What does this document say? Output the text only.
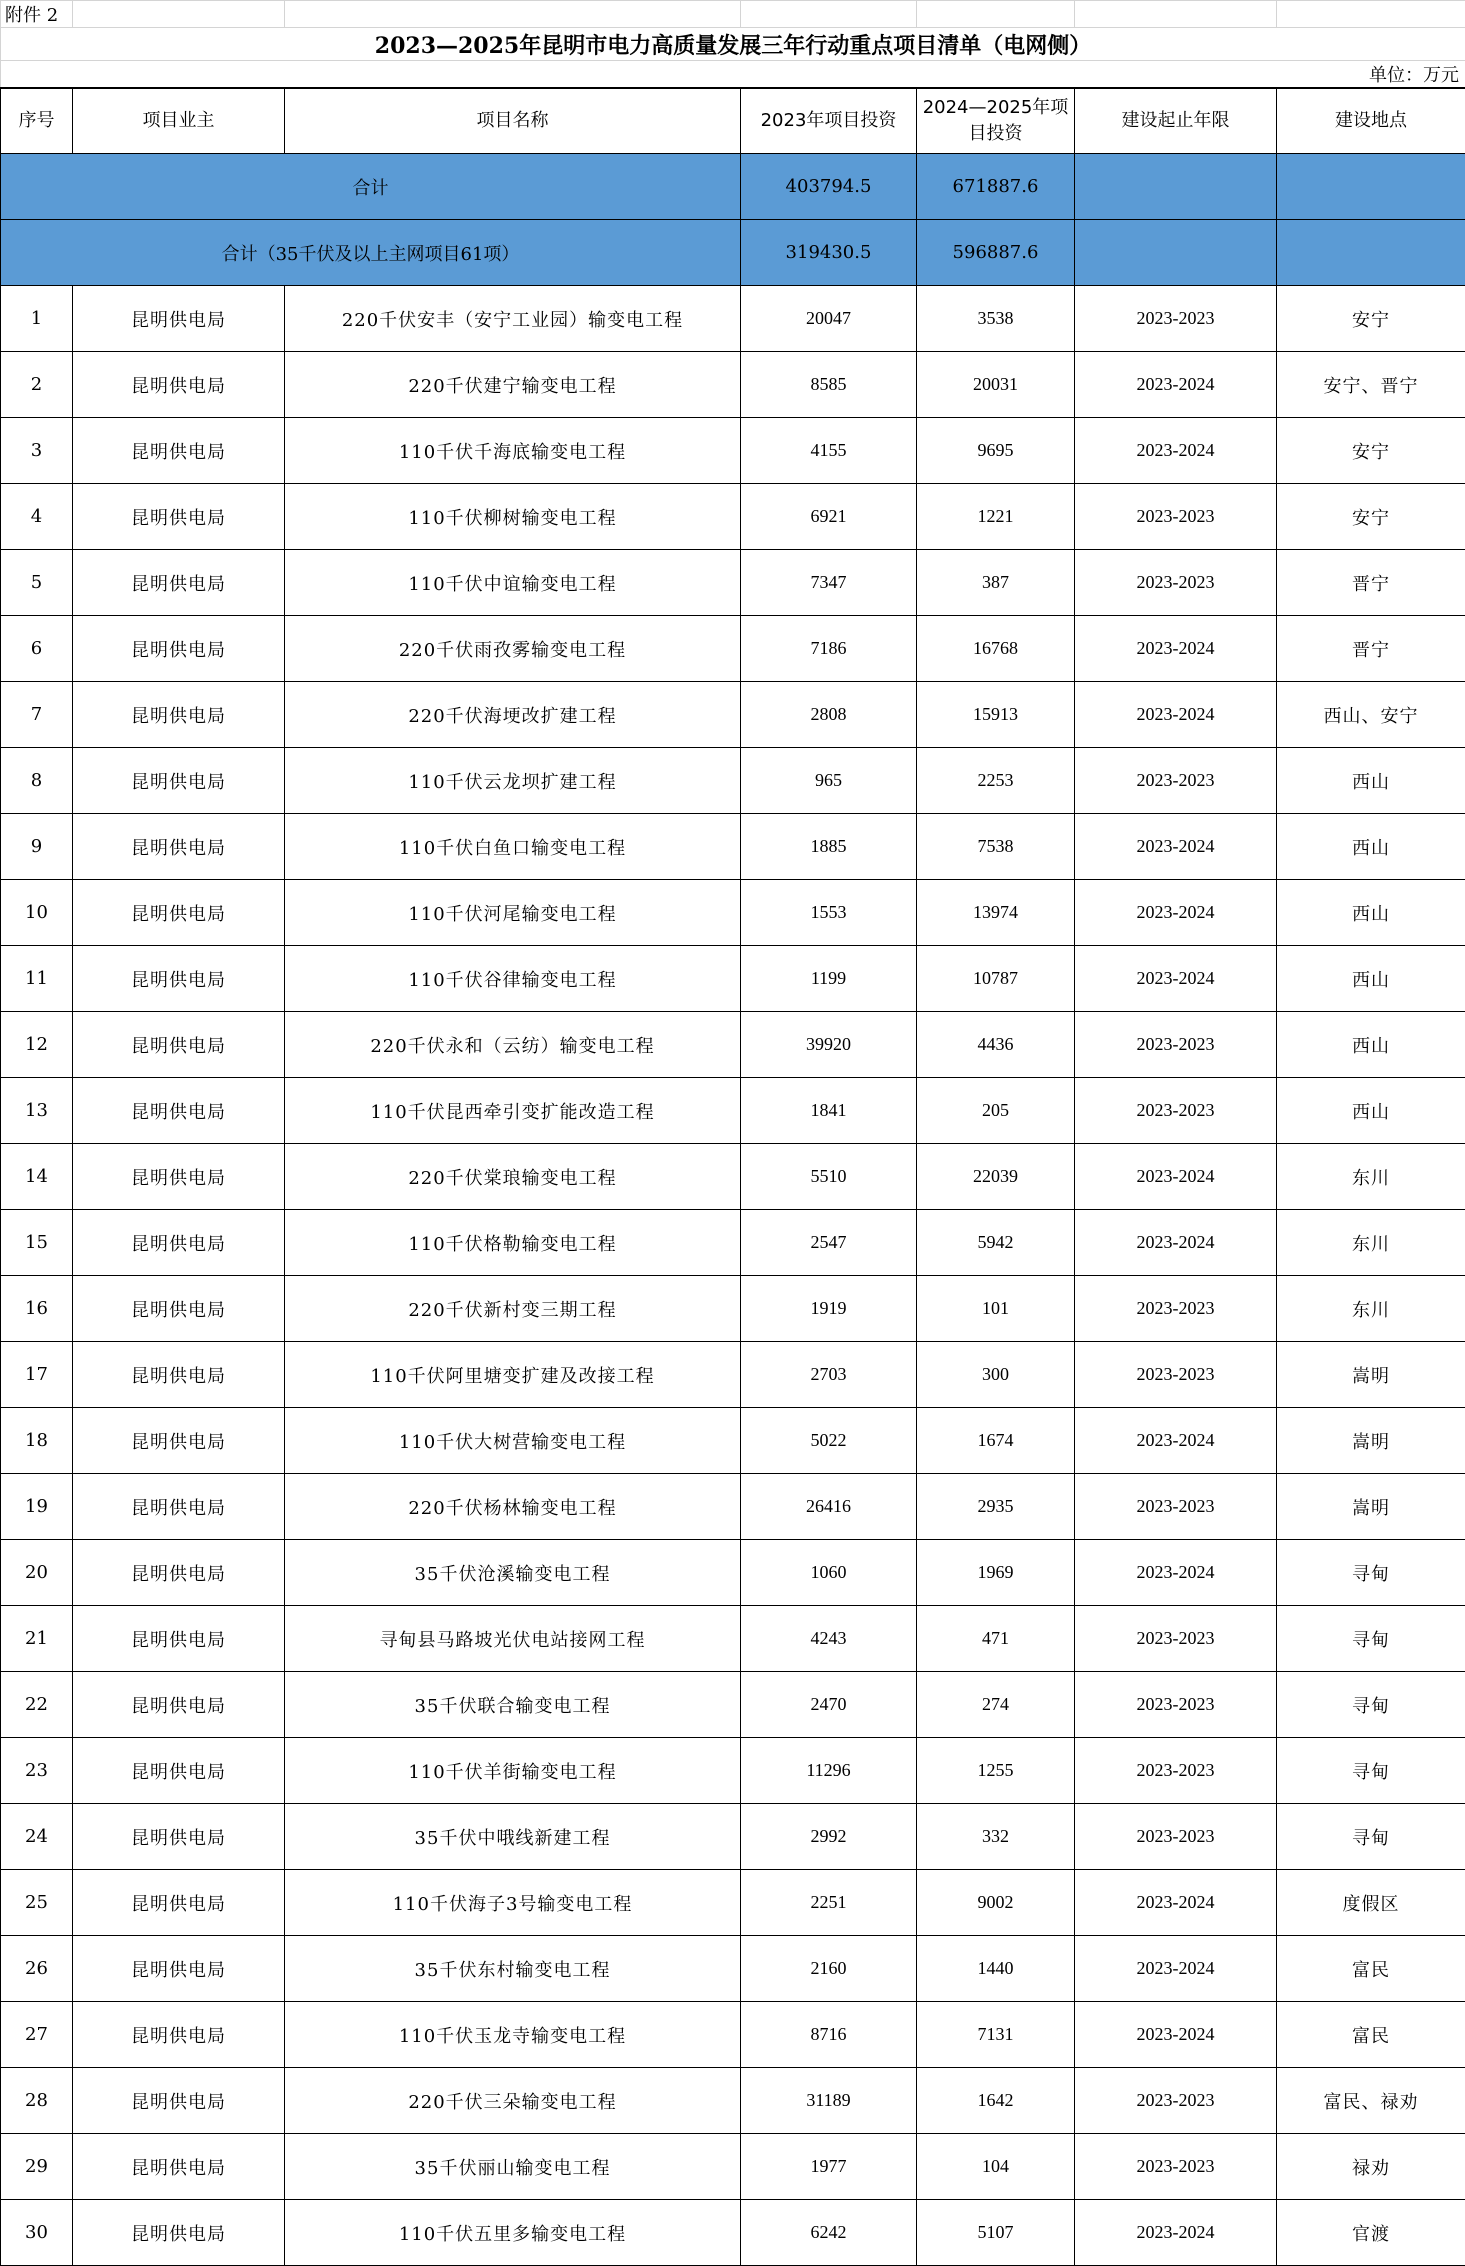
附件 2						
2023—2025年昆明市电力高质量发展三年行动重点项目清单（电网侧）						
单位：万元						
序号	项目业主	项目名称	2023年项目投资	2024—2025年项目投资	建设起止年限	建设地点
合计			403794.5	671887.6		
合计（35千伏及以上主网项目61项）			319430.5	596887.6		
1	昆明供电局	220千伏安丰（安宁工业园）输变电工程	20047	3538	2023-2023	安宁
2	昆明供电局	220千伏建宁输变电工程	8585	20031	2023-2024	安宁、晋宁
3	昆明供电局	110千伏千海底输变电工程	4155	9695	2023-2024	安宁
4	昆明供电局	110千伏柳树输变电工程	6921	1221	2023-2023	安宁
5	昆明供电局	110千伏中谊输变电工程	7347	387	2023-2023	晋宁
6	昆明供电局	220千伏雨孜雾输变电工程	7186	16768	2023-2024	晋宁
7	昆明供电局	220千伏海埂改扩建工程	2808	15913	2023-2024	西山、安宁
8	昆明供电局	110千伏云龙坝扩建工程	965	2253	2023-2023	西山
9	昆明供电局	110千伏白鱼口输变电工程	1885	7538	2023-2024	西山
10	昆明供电局	110千伏河尾输变电工程	1553	13974	2023-2024	西山
11	昆明供电局	110千伏谷律输变电工程	1199	10787	2023-2024	西山
12	昆明供电局	220千伏永和（云纺）输变电工程	39920	4436	2023-2023	西山
13	昆明供电局	110千伏昆西牵引变扩能改造工程	1841	205	2023-2023	西山
14	昆明供电局	220千伏棠琅输变电工程	5510	22039	2023-2024	东川
15	昆明供电局	110千伏格勒输变电工程	2547	5942	2023-2024	东川
16	昆明供电局	220千伏新村变三期工程	1919	101	2023-2023	东川
17	昆明供电局	110千伏阿里塘变扩建及改接工程	2703	300	2023-2023	嵩明
18	昆明供电局	110千伏大树营输变电工程	5022	1674	2023-2024	嵩明
19	昆明供电局	220千伏杨林输变电工程	26416	2935	2023-2023	嵩明
20	昆明供电局	35千伏沧溪输变电工程	1060	1969	2023-2024	寻甸
21	昆明供电局	寻甸县马路坡光伏电站接网工程	4243	471	2023-2023	寻甸
22	昆明供电局	35千伏联合输变电工程	2470	274	2023-2023	寻甸
23	昆明供电局	110千伏羊街输变电工程	11296	1255	2023-2023	寻甸
24	昆明供电局	35千伏中哦线新建工程	2992	332	2023-2023	寻甸
25	昆明供电局	110千伏海子3号输变电工程	2251	9002	2023-2024	度假区
26	昆明供电局	35千伏东村输变电工程	2160	1440	2023-2024	富民
27	昆明供电局	110千伏玉龙寺输变电工程	8716	7131	2023-2024	富民
28	昆明供电局	220千伏三朵输变电工程	31189	1642	2023-2023	富民、禄劝
29	昆明供电局	35千伏丽山输变电工程	1977	104	2023-2023	禄劝
30	昆明供电局	110千伏五里多输变电工程	6242	5107	2023-2024	官渡
